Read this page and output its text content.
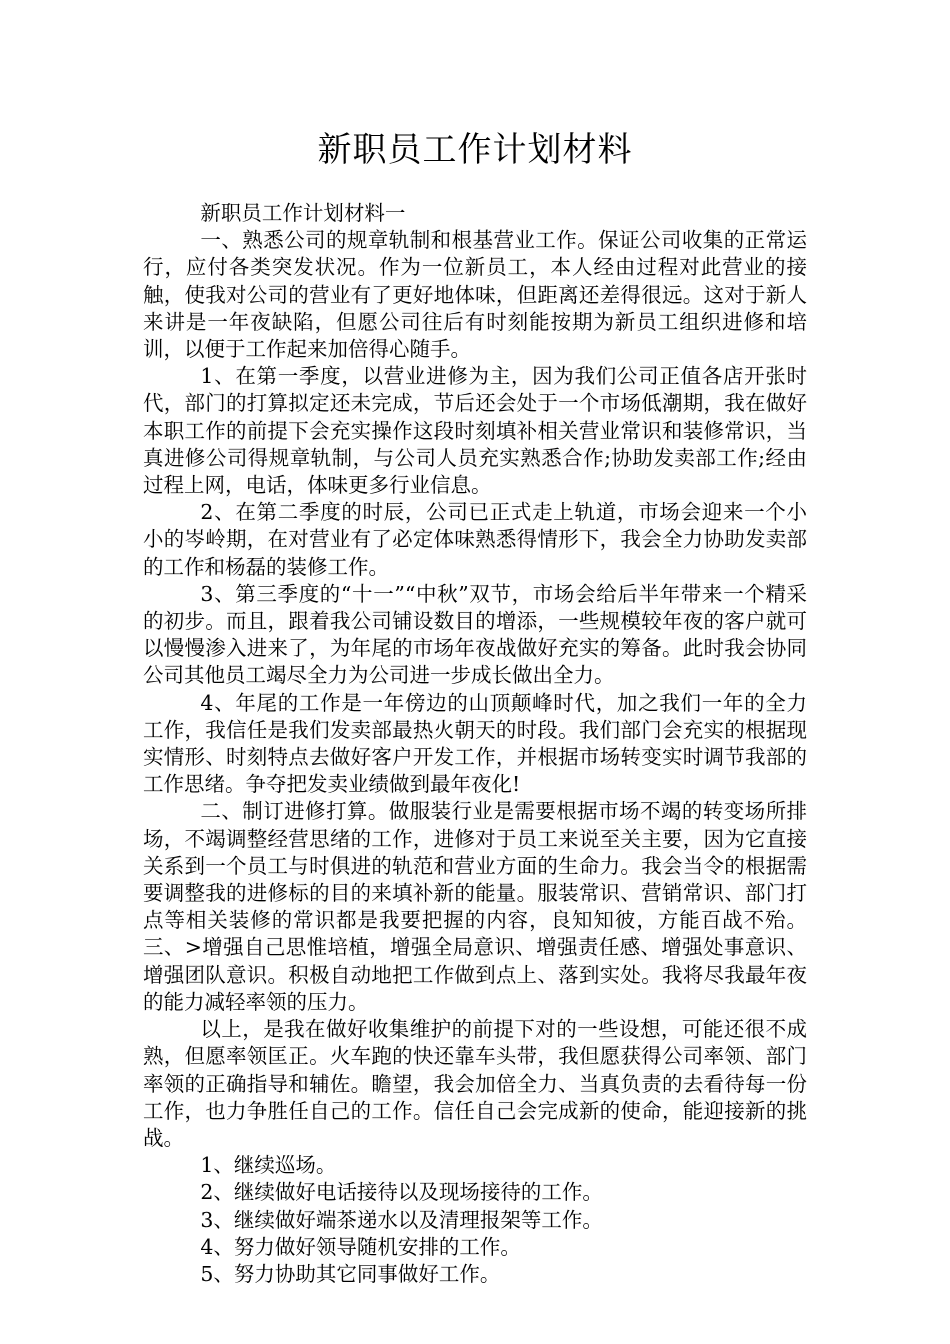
新职员工作计划材料

新职员工作计划材料一

一、熟悉公司的规章轨制和根基营业工作。保证公司收集的正常运行，应付各类突发状况。作为一位新员工，本人经由过程对此营业的接触，使我对公司的营业有了更好地体味，但距离还差得很远。这对于新人来讲是一年夜缺陷，但愿公司往后有时刻能按期为新员工组织进修和培训，以便于工作起来加倍得心随手。

1、在第一季度，以营业进修为主，因为我们公司正值各店开张时代，部门的打算拟定还未完成，节后还会处于一个市场低潮期，我在做好本职工作的前提下会充实操作这段时刻填补相关营业常识和装修常识，当真进修公司得规章轨制，与公司人员充实熟悉合作;协助发卖部工作;经由过程上网，电话，体味更多行业信息。

2、在第二季度的时辰，公司已正式走上轨道，市场会迎来一个小小的岑岭期，在对营业有了必定体味熟悉得情形下，我会全力协助发卖部的工作和杨磊的装修工作。

3、第三季度的“十一”“中秋”双节，市场会给后半年带来一个精采的初步。而且，跟着我公司铺设数目的增添，一些规模较年夜的客户就可以慢慢渗入进来了，为年尾的市场年夜战做好充实的筹备。此时我会协同公司其他员工竭尽全力为公司进一步成长做出全力。

4、年尾的工作是一年傍边的山顶颠峰时代，加之我们一年的全力工作，我信任是我们发卖部最热火朝天的时段。我们部门会充实的根据现实情形、时刻特点去做好客户开发工作，并根据市场转变实时调节我部的工作思绪。争夺把发卖业绩做到最年夜化!

二、制订进修打算。做服装行业是需要根据市场不竭的转变场所排场，不竭调整经营思绪的工作，进修对于员工来说至关主要，因为它直接关系到一个员工与时俱进的轨范和营业方面的生命力。我会当令的根据需要调整我的进修标的目的来填补新的能量。服装常识、营销常识、部门打点等相关装修的常识都是我要把握的内容，良知知彼，方能百战不殆。三、>增强自己思惟培植，增强全局意识、增强责任感、增强处事意识、增强团队意识。积极自动地把工作做到点上、落到实处。我将尽我最年夜的能力减轻率领的压力。

以上，是我在做好收集维护的前提下对的一些设想，可能还很不成熟，但愿率领匡正。火车跑的快还靠车头带，我但愿获得公司率领、部门率领的正确指导和辅佐。瞻望，我会加倍全力、当真负责的去看待每一份工作，也力争胜任自己的工作。信任自己会完成新的使命，能迎接新的挑战。

1、继续巡场。

2、继续做好电话接待以及现场接待的工作。

3、继续做好端茶递水以及清理报架等工作。

4、努力做好领导随机安排的工作。

5、努力协助其它同事做好工作。
